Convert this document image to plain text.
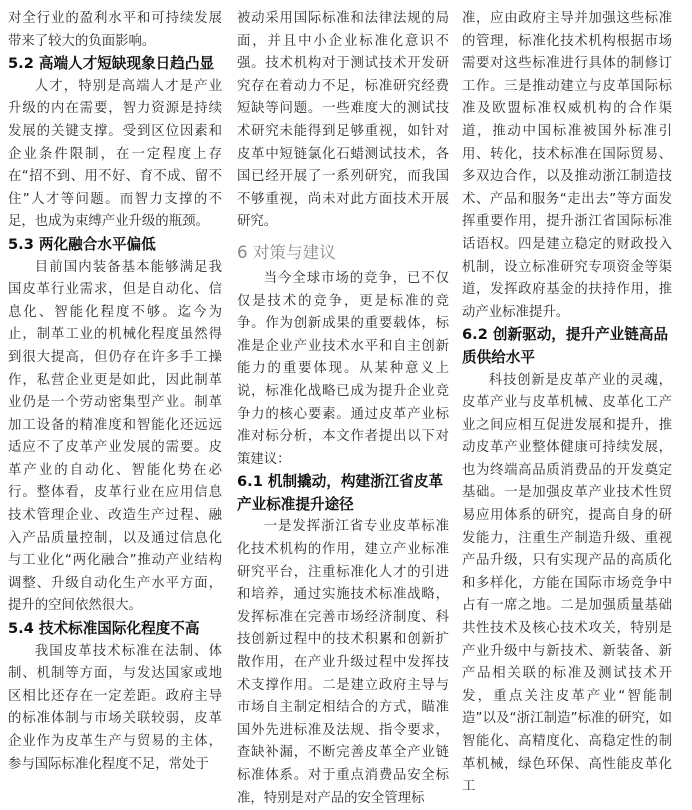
对全行业的盈利水平和可持续发展带来了较大的负面影响。

5.2 高端人才短缺现象日趋凸显

人才，特别是高端人才是产业升级的内在需要，智力资源是持续发展的关键支撑。受到区位因素和企业条件限制，在一定程度上存在“招不到、用不好、育不成、留不住”人才等问题。而智力支撑的不足，也成为束缚产业升级的瓶颈。

5.3 两化融合水平偏低

目前国内装备基本能够满足我国皮革行业需求，但是自动化、信息化、智能化程度不够。迄今为止，制革工业的机械化程度虽然得到很大提高，但仍存在许多手工操作，私营企业更是如此，因此制革业仍是一个劳动密集型产业。制革加工设备的精准度和智能化还远远适应不了皮革产业发展的需要。皮革产业的自动化、智能化势在必行。整体看，皮革行业在应用信息技术管理企业、改造生产过程、融入产品质量控制，以及通过信息化与工业化“两化融合”推动产业结构调整、升级自动化生产水平方面，提升的空间依然很大。

5.4 技术标准国际化程度不高

我国皮革技术标准在法制、体制、机制等方面，与发达国家或地区相比还存在一定差距。政府主导的标准体制与市场关联较弱，皮革企业作为皮革生产与贸易的主体，参与国际标准化程度不足，常处于

被动采用国际标准和法律法规的局面，并且中小企业标准化意识不强。技术机构对于测试技术开发研究存在着动力不足，标准研究经费短缺等问题。一些难度大的测试技术研究未能得到足够重视，如针对皮革中短链氯化石蜡测试技术，各国已经开展了一系列研究，而我国不够重视，尚未对此方面技术开展研究。

6 对策与建议

当今全球市场的竞争，已不仅仅是技术的竞争，更是标准的竞争。作为创新成果的重要载体，标准是企业产业技术水平和自主创新能力的重要体现。从某种意义上说，标准化战略已成为提升企业竞争力的核心要素。通过皮革产业标准对标分析，本文作者提出以下对策建议：

6.1 机制撬动，构建浙江省皮革产业标准提升途径

一是发挥浙江省专业皮革标准化技术机构的作用，建立产业标准研究平台，注重标准化人才的引进和培养，通过实施技术标准战略，发挥标准在完善市场经济制度、科技创新过程中的技术积累和创新扩散作用，在产业升级过程中发挥技术支撑作用。二是建立政府主导与市场自主制定相结合的方式，瞄准国外先进标准及法规、指令要求，查缺补漏，不断完善皮革全产业链标准体系。对于重点消费品安全标准，特别是对产品的安全管理标

准，应由政府主导并加强这些标准的管理，标准化技术机构根据市场需要对这些标准进行具体的制修订工作。三是推动建立与皮革国际标准及欧盟标准权威机构的合作渠道，推动中国标准被国外标准引用、转化，技术标准在国际贸易、多双边合作，以及推动浙江制造技术、产品和服务“走出去”等方面发挥重要作用，提升浙江省国际标准话语权。四是建立稳定的财政投入机制，设立标准研究专项资金等渠道，发挥政府基金的扶持作用，推动产业标准提升。

6.2 创新驱动，提升产业链高品质供给水平

科技创新是皮革产业的灵魂，皮革产业与皮革机械、皮革化工产业之间应相互促进发展和提升，推动皮革产业整体健康可持续发展，也为终端高品质消费品的开发奠定基础。一是加强皮革产业技术性贸易应用体系的研究，提高自身的研发能力，注重生产制造升级、重视产品升级，只有实现产品的高质化和多样化，方能在国际市场竞争中占有一席之地。二是加强质量基础共性技术及核心技术攻关，特别是产业升级中与新技术、新装备、新产品相关联的标准及测试技术开发，重点关注皮革产业“智能制造”以及“浙江制造”标准的研究，如智能化、高精度化、高稳定性的制革机械，绿色环保、高性能皮革化工
